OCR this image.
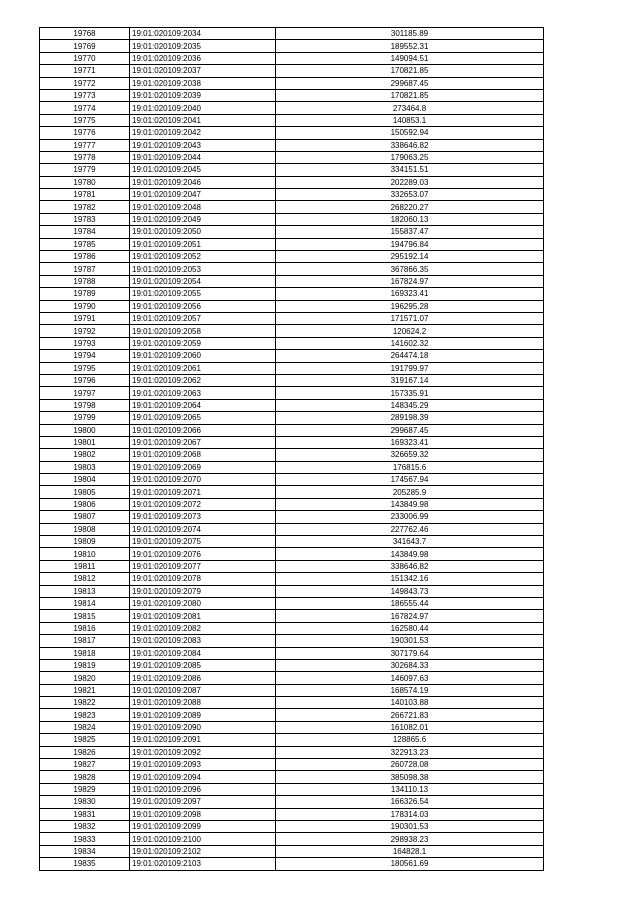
19768	19:01:020109:2034	301185.89
19769	19:01:020109:2035	189552.31
19770	19:01:020109:2036	149094.51
19771	19:01:020109:2037	170821.85
19772	19:01:020109:2038	299687.45
19773	19:01:020109:2039	170821.85
19774	19:01:020109:2040	273464.8
19775	19:01:020109:2041	140853.1
19776	19:01:020109:2042	150592.94
19777	19:01:020109:2043	338646.82
19778	19:01:020109:2044	179063.25
19779	19:01:020109:2045	334151.51
19780	19:01:020109:2046	202289.03
19781	19:01:020109:2047	332653.07
19782	19:01:020109:2048	268220.27
19783	19:01:020109:2049	182060.13
19784	19:01:020109:2050	155837.47
19785	19:01:020109:2051	194796.84
19786	19:01:020109:2052	295192.14
19787	19:01:020109:2053	367866.35
19788	19:01:020109:2054	167824.97
19789	19:01:020109:2055	169323.41
19790	19:01:020109:2056	196295.28
19791	19:01:020109:2057	171571.07
19792	19:01:020109:2058	120624.2
19793	19:01:020109:2059	141602.32
19794	19:01:020109:2060	264474.18
19795	19:01:020109:2061	191799.97
19796	19:01:020109:2062	319167.14
19797	19:01:020109:2063	157335.91
19798	19:01:020109:2064	148345.29
19799	19:01:020109:2065	289198.39
19800	19:01:020109:2066	299687.45
19801	19:01:020109:2067	169323.41
19802	19:01:020109:2068	326659.32
19803	19:01:020109:2069	176815.6
19804	19:01:020109:2070	174567.94
19805	19:01:020109:2071	205285.9
19806	19:01:020109:2072	143849.98
19807	19:01:020109:2073	233006.99
19808	19:01:020109:2074	227762.46
19809	19:01:020109:2075	341643.7
19810	19:01:020109:2076	143849.98
19811	19:01:020109:2077	338646.82
19812	19:01:020109:2078	151342.16
19813	19:01:020109:2079	149843.73
19814	19:01:020109:2080	186555.44
19815	19:01:020109:2081	167824.97
19816	19:01:020109:2082	162580.44
19817	19:01:020109:2083	190301.53
19818	19:01:020109:2084	307179.64
19819	19:01:020109:2085	302684.33
19820	19:01:020109:2086	146097.63
19821	19:01:020109:2087	168574.19
19822	19:01:020109:2088	140103.88
19823	19:01:020109:2089	266721.83
19824	19:01:020109:2090	161082.01
19825	19:01:020109:2091	128865.6
19826	19:01:020109:2092	322913.23
19827	19:01:020109:2093	260728.08
19828	19:01:020109:2094	385098.38
19829	19:01:020109:2096	134110.13
19830	19:01:020109:2097	166326.54
19831	19:01:020109:2098	178314.03
19832	19:01:020109:2099	190301.53
19833	19:01:020109:2100	298938.23
19834	19:01:020109:2102	164828.1
19835	19:01:020109:2103	180561.69
